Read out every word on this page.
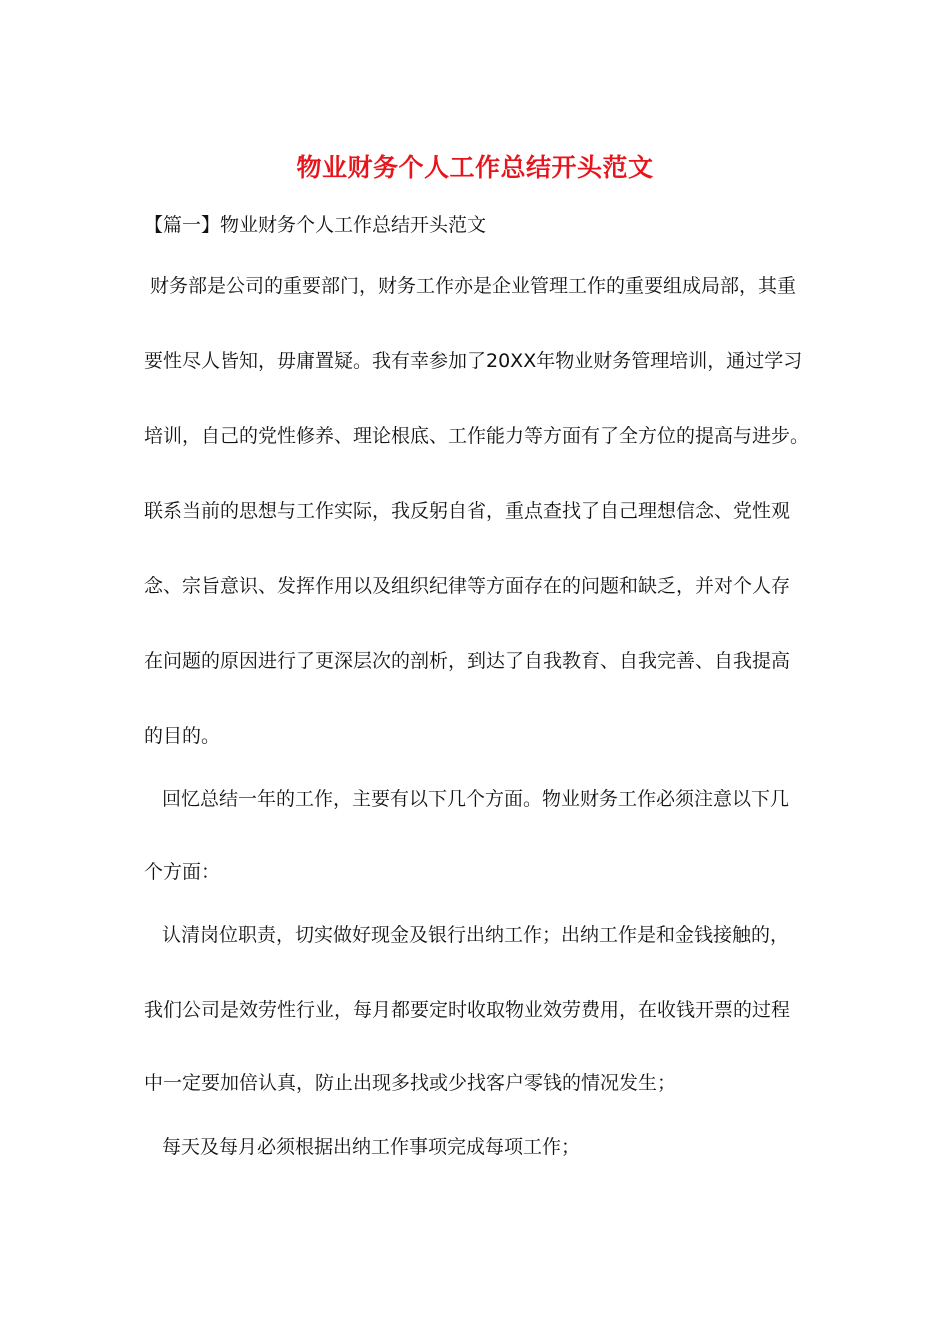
物业财务个人工作总结开头范文
【篇一】物业财务个人工作总结开头范文
财务部是公司的重要部门，财务工作亦是企业管理工作的重要组成局部，其重
要性尽人皆知，毋庸置疑。我有幸参加了20XX年物业财务管理培训，通过学习
培训，自己的党性修养、理论根底、工作能力等方面有了全方位的提高与进步。
联系当前的思想与工作实际，我反躬自省，重点查找了自己理想信念、党性观
念、宗旨意识、发挥作用以及组织纪律等方面存在的问题和缺乏，并对个人存
在问题的原因进行了更深层次的剖析，到达了自我教育、自我完善、自我提高
的目的。
回忆总结一年的工作，主要有以下几个方面。物业财务工作必须注意以下几
个方面：
认清岗位职责，切实做好现金及银行出纳工作；出纳工作是和金钱接触的，
我们公司是效劳性行业，每月都要定时收取物业效劳费用，在收钱开票的过程
中一定要加倍认真，防止出现多找或少找客户零钱的情况发生；
每天及每月必须根据出纳工作事项完成每项工作；
